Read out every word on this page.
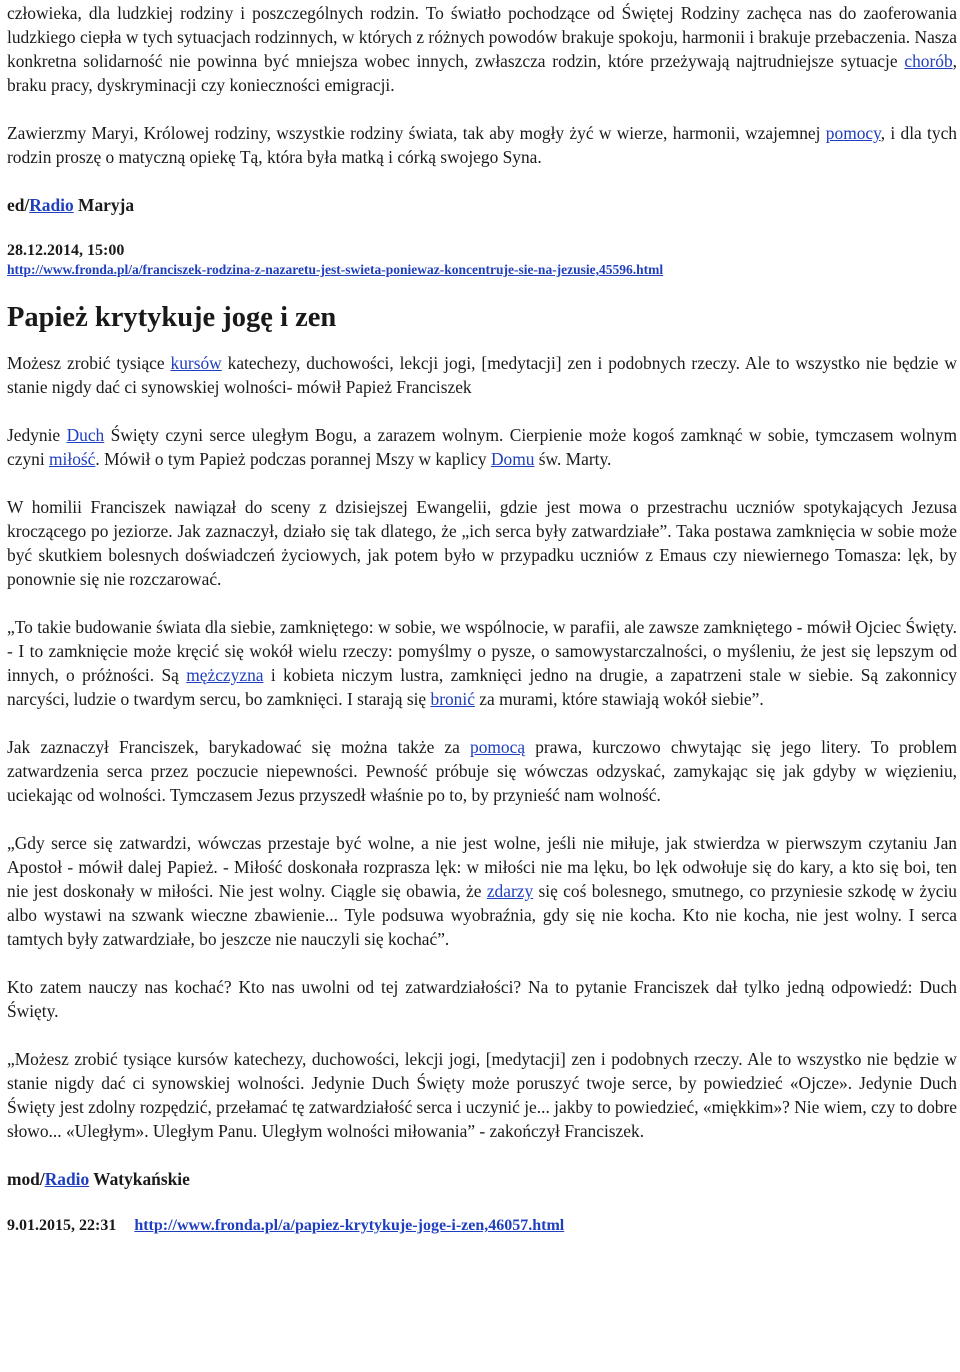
człowieka, dla ludzkiej rodziny i poszczególnych rodzin. To światło pochodzące od Świętej Rodziny zachęca nas do zaoferowania ludzkiego ciepła w tych sytuacjach rodzinnych, w których z różnych powodów brakuje spokoju, harmonii i brakuje przebaczenia. Nasza konkretna solidarność nie powinna być mniejsza wobec innych, zwłaszcza rodzin, które przeżywają najtrudniejsze sytuacje chorób, braku pracy, dyskryminacji czy konieczności emigracji.

Zawierzmy Maryi, Królowej rodziny, wszystkie rodziny świata, tak aby mogły żyć w wierze, harmonii, wzajemnej pomocy, i dla tych rodzin proszę o matyczną opiekę Tą, która była matką i córką swojego Syna.

ed/Radio Maryja

28.12.2014, 15:00

http://www.fronda.pl/a/franciszek-rodzina-z-nazaretu-jest-swieta-poniewaz-koncentruje-sie-na-jezusie,45596.html
Papież krytykuje jogę i zen

Możesz zrobić tysiące kursów katechezy, duchowości, lekcji jogi, [medytacji] zen i podobnych rzeczy. Ale to wszystko nie będzie w stanie nigdy dać ci synowskiej wolności- mówił Papież Franciszek

Jedynie Duch Święty czyni serce uległym Bogu, a zarazem wolnym. Cierpienie może kogoś zamknąć w sobie, tymczasem wolnym czyni miłość. Mówił o tym Papież podczas porannej Mszy w kaplicy Domu św. Marty.

W homilii Franciszek nawiązał do sceny z dzisiejszej Ewangelii, gdzie jest mowa o przestrachu uczniów spotykających Jezusa kroczącego po jeziorze. Jak zaznaczył, działo się tak dlatego, że „ich serca były zatwardziałe”. Taka postawa zamknięcia w sobie może być skutkiem bolesnych doświadczeń życiowych, jak potem było w przypadku uczniów z Emaus czy niewiernego Tomasza: lęk, by ponownie się nie rozczarować.

„To takie budowanie świata dla siebie, zamkniętego: w sobie, we wspólnocie, w parafii, ale zawsze zamkniętego - mówił Ojciec Święty. - I to zamknięcie może kręcić się wokół wielu rzeczy: pomyślmy o pysze, o samowystarczalności, o myśleniu, że jest się lepszym od innych, o próżności. Są mężczyzna i kobieta niczym lustra, zamknięci jedno na drugie, a zapatrzeni stale w siebie. Są zakonnicy narcyści, ludzie o twardym sercu, bo zamknięci. I starają się bronić za murami, które stawiają wokół siebie”.

Jak zaznaczył Franciszek, barykadować się można także za pomocą prawa, kurczowo chwytając się jego litery. To problem zatwardzenia serca przez poczucie niepewności. Pewność próbuje się wówczas odzyskać, zamykając się jak gdyby w więzieniu, uciekając od wolności. Tymczasem Jezus przyszedł właśnie po to, by przynieść nam wolność.

„Gdy serce się zatwardzi, wówczas przestaje być wolne, a nie jest wolne, jeśli nie miłuje, jak stwierdza w pierwszym czytaniu Jan Apostoł - mówił dalej Papież. - Miłość doskonała rozprasza lęk: w miłości nie ma lęku, bo lęk odwołuje się do kary, a kto się boi, ten nie jest doskonały w miłości. Nie jest wolny. Ciągle się obawia, że zdarzy się coś bolesnego, smutnego, co przyniesie szkodę w życiu albo wystawi na szwank wieczne zbawienie... Tyle podsuwa wyobraźnia, gdy się nie kocha. Kto nie kocha, nie jest wolny. I serca tamtych były zatwardziałe, bo jeszcze nie nauczyli się kochać”.

Kto zatem nauczy nas kochać? Kto nas uwolni od tej zatwardziałości? Na to pytanie Franciszek dał tylko jedną odpowiedź: Duch Święty.

„Możesz zrobić tysiące kursów katechezy, duchowości, lekcji jogi, [medytacji] zen i podobnych rzeczy. Ale to wszystko nie będzie w stanie nigdy dać ci synowskiej wolności. Jedynie Duch Święty może poruszyć twoje serce, by powiedzieć «Ojcze». Jedynie Duch Święty jest zdolny rozpędzić, przełamać tę zatwardziałość serca i uczynić je... jakby to powiedzieć, «miękkim»? Nie wiem, czy to dobre słowo... «Uległym». Uległym Panu. Uległym wolności miłowania” - zakończył Franciszek.

mod/Radio Watykańskie

9.01.2015, 22:31 http://www.fronda.pl/a/papiez-krytykuje-joge-i-zen,46057.html
